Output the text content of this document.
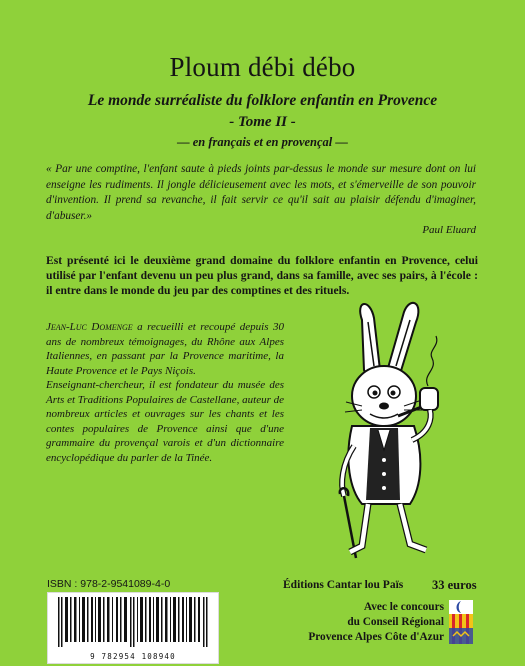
Ploum débi débo
Le monde surréaliste du folklore enfantin en Provence
- Tome II -
— en français et en provençal —
« Par une comptine, l'enfant saute à pieds joints par-dessus le monde sur mesure dont on lui enseigne les rudiments. Il jongle délicieusement avec les mots, et s'émerveille de son pouvoir d'invention. Il prend sa revanche, il fait servir ce qu'il sait au plaisir défendu d'imaginer, d'abuser.»
Paul Eluard
Est présenté ici le deuxième grand domaine du folklore enfantin en Provence, celui utilisé par l'enfant devenu un peu plus grand, dans sa famille, avec ses pairs, à l'école : il entre dans le monde du jeu par des comptines et des rituels.
Jean-Luc Domenge a recueilli et recoupé depuis 30 ans de nombreux témoignages, du Rhône aux Alpes Italiennes, en passant par la Provence maritime, la Haute Provence et le Pays Niçois.
Enseignant-chercheur, il est fondateur du musée des Arts et Traditions Populaires de Castellane, auteur de nombreux articles et ouvrages sur les chants et les contes populaires de Provence ainsi que d'une grammaire du provençal varois et d'un dictionnaire encyclopédique du parler de la Tinée.
ISBN : 978-2-9541089-4-0
9 782954 108940
Éditions Cantar lou Païs 33 euros
Avec le concours
du Conseil Régional
Provence Alpes Côte d'Azur
